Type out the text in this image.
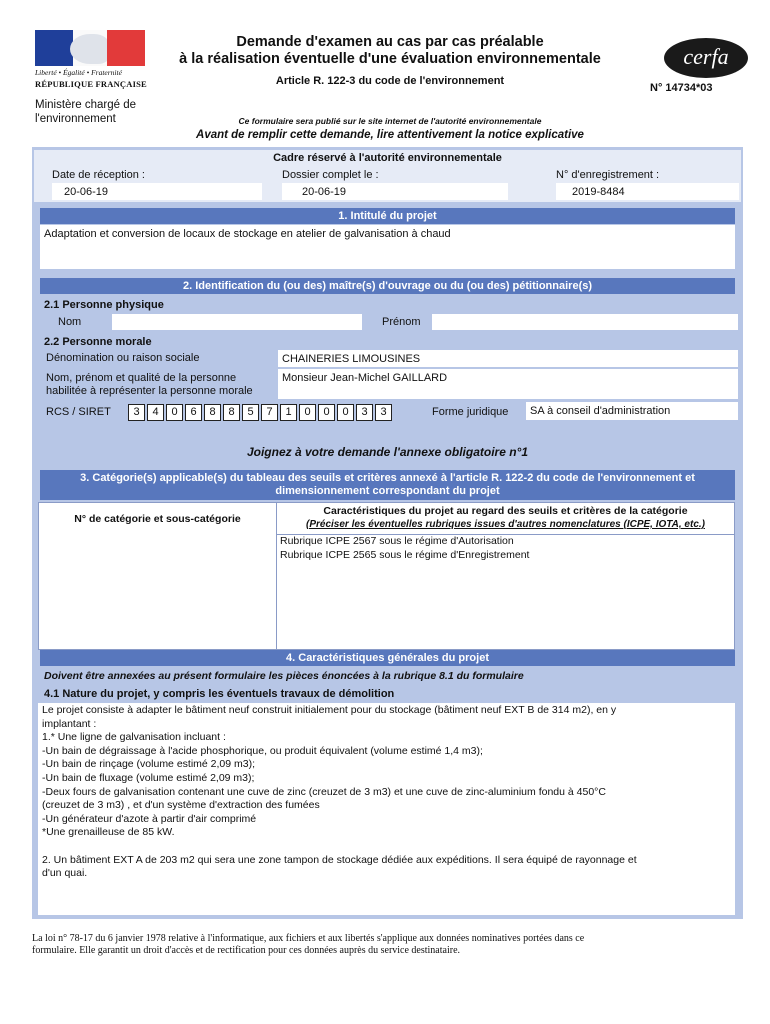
Liberté • Égalité • Fraternité
RÉPUBLIQUE FRANÇAISE
Ministère chargé de l'environnement
Demande d'examen au cas par cas préalable
à la réalisation éventuelle d'une évaluation environnementale
Article R. 122-3 du code de l'environnement
cerfa
N° 14734*03
Ce formulaire sera publié sur le site internet de l'autorité environnementale
Avant de remplir cette demande, lire attentivement la notice explicative
Cadre réservé à l'autorité environnementale
Date de réception :
20-06-19
Dossier complet le :
20-06-19
N° d'enregistrement :
2019-8484
1. Intitulé du projet
Adaptation et conversion de locaux de stockage en atelier de galvanisation à chaud
2. Identification du (ou des) maître(s) d'ouvrage ou du (ou des) pétitionnaire(s)
2.1 Personne physique
Nom	Prénom
2.2 Personne morale
Dénomination ou raison sociale	CHAINERIES LIMOUSINES
Nom, prénom et qualité de la personne
habilitée à représenter la personne morale
Monsieur Jean-Michel GAILLARD
RCS / SIRET	3	4	0	6	8	8	5	7	1	0	0	0	3	3	Forme juridique	SA à conseil d'administration
Joignez à votre demande l'annexe obligatoire n°1
3. Catégorie(s) applicable(s) du tableau des seuils et critères annexé à l'article R. 122-2 du code de l'environnement et
dimensionnement correspondant du projet
N° de catégorie et sous-catégorie
Caractéristiques du projet au regard des seuils et critères de la catégorie
(Préciser les éventuelles rubriques issues d'autres nomenclatures (ICPE, IOTA, etc.)
Rubrique ICPE 2567 sous le régime d'Autorisation
Rubrique ICPE 2565 sous le régime d'Enregistrement
4. Caractéristiques générales du projet
Doivent être annexées au présent formulaire les pièces énoncées à la rubrique 8.1 du formulaire
4.1 Nature du projet, y compris les éventuels travaux de démolition

Le projet consiste à adapter le bâtiment neuf construit initialement pour du stockage (bâtiment neuf EXT B de 314 m2), en y

implantant :

1.* Une ligne de galvanisation incluant :

-Un bain de dégraissage à l'acide phosphorique, ou produit équivalent (volume estimé 1,4 m3);

-Un bain de rinçage (volume estimé 2,09 m3);

-Un bain de fluxage (volume estimé 2,09 m3);

-Deux fours de galvanisation contenant une cuve de zinc (creuzet de 3 m3) et une cuve de zinc-aluminium fondu à 450°C

(creuzet de 3 m3) , et d'un système d'extraction des fumées

-Un générateur d'azote à partir d'air comprimé

*Une grenailleuse de 85 kW.

2. Un bâtiment EXT A de 203 m2 qui sera une zone tampon de stockage dédiée aux expéditions. Il sera équipé de rayonnage et

d'un quai.

La loi n° 78-17 du 6 janvier 1978 relative à l'informatique, aux fichiers et aux libertés s'applique aux données nominatives portées dans ce
formulaire. Elle garantit un droit d'accès et de rectification pour ces données auprès du service destinataire.
